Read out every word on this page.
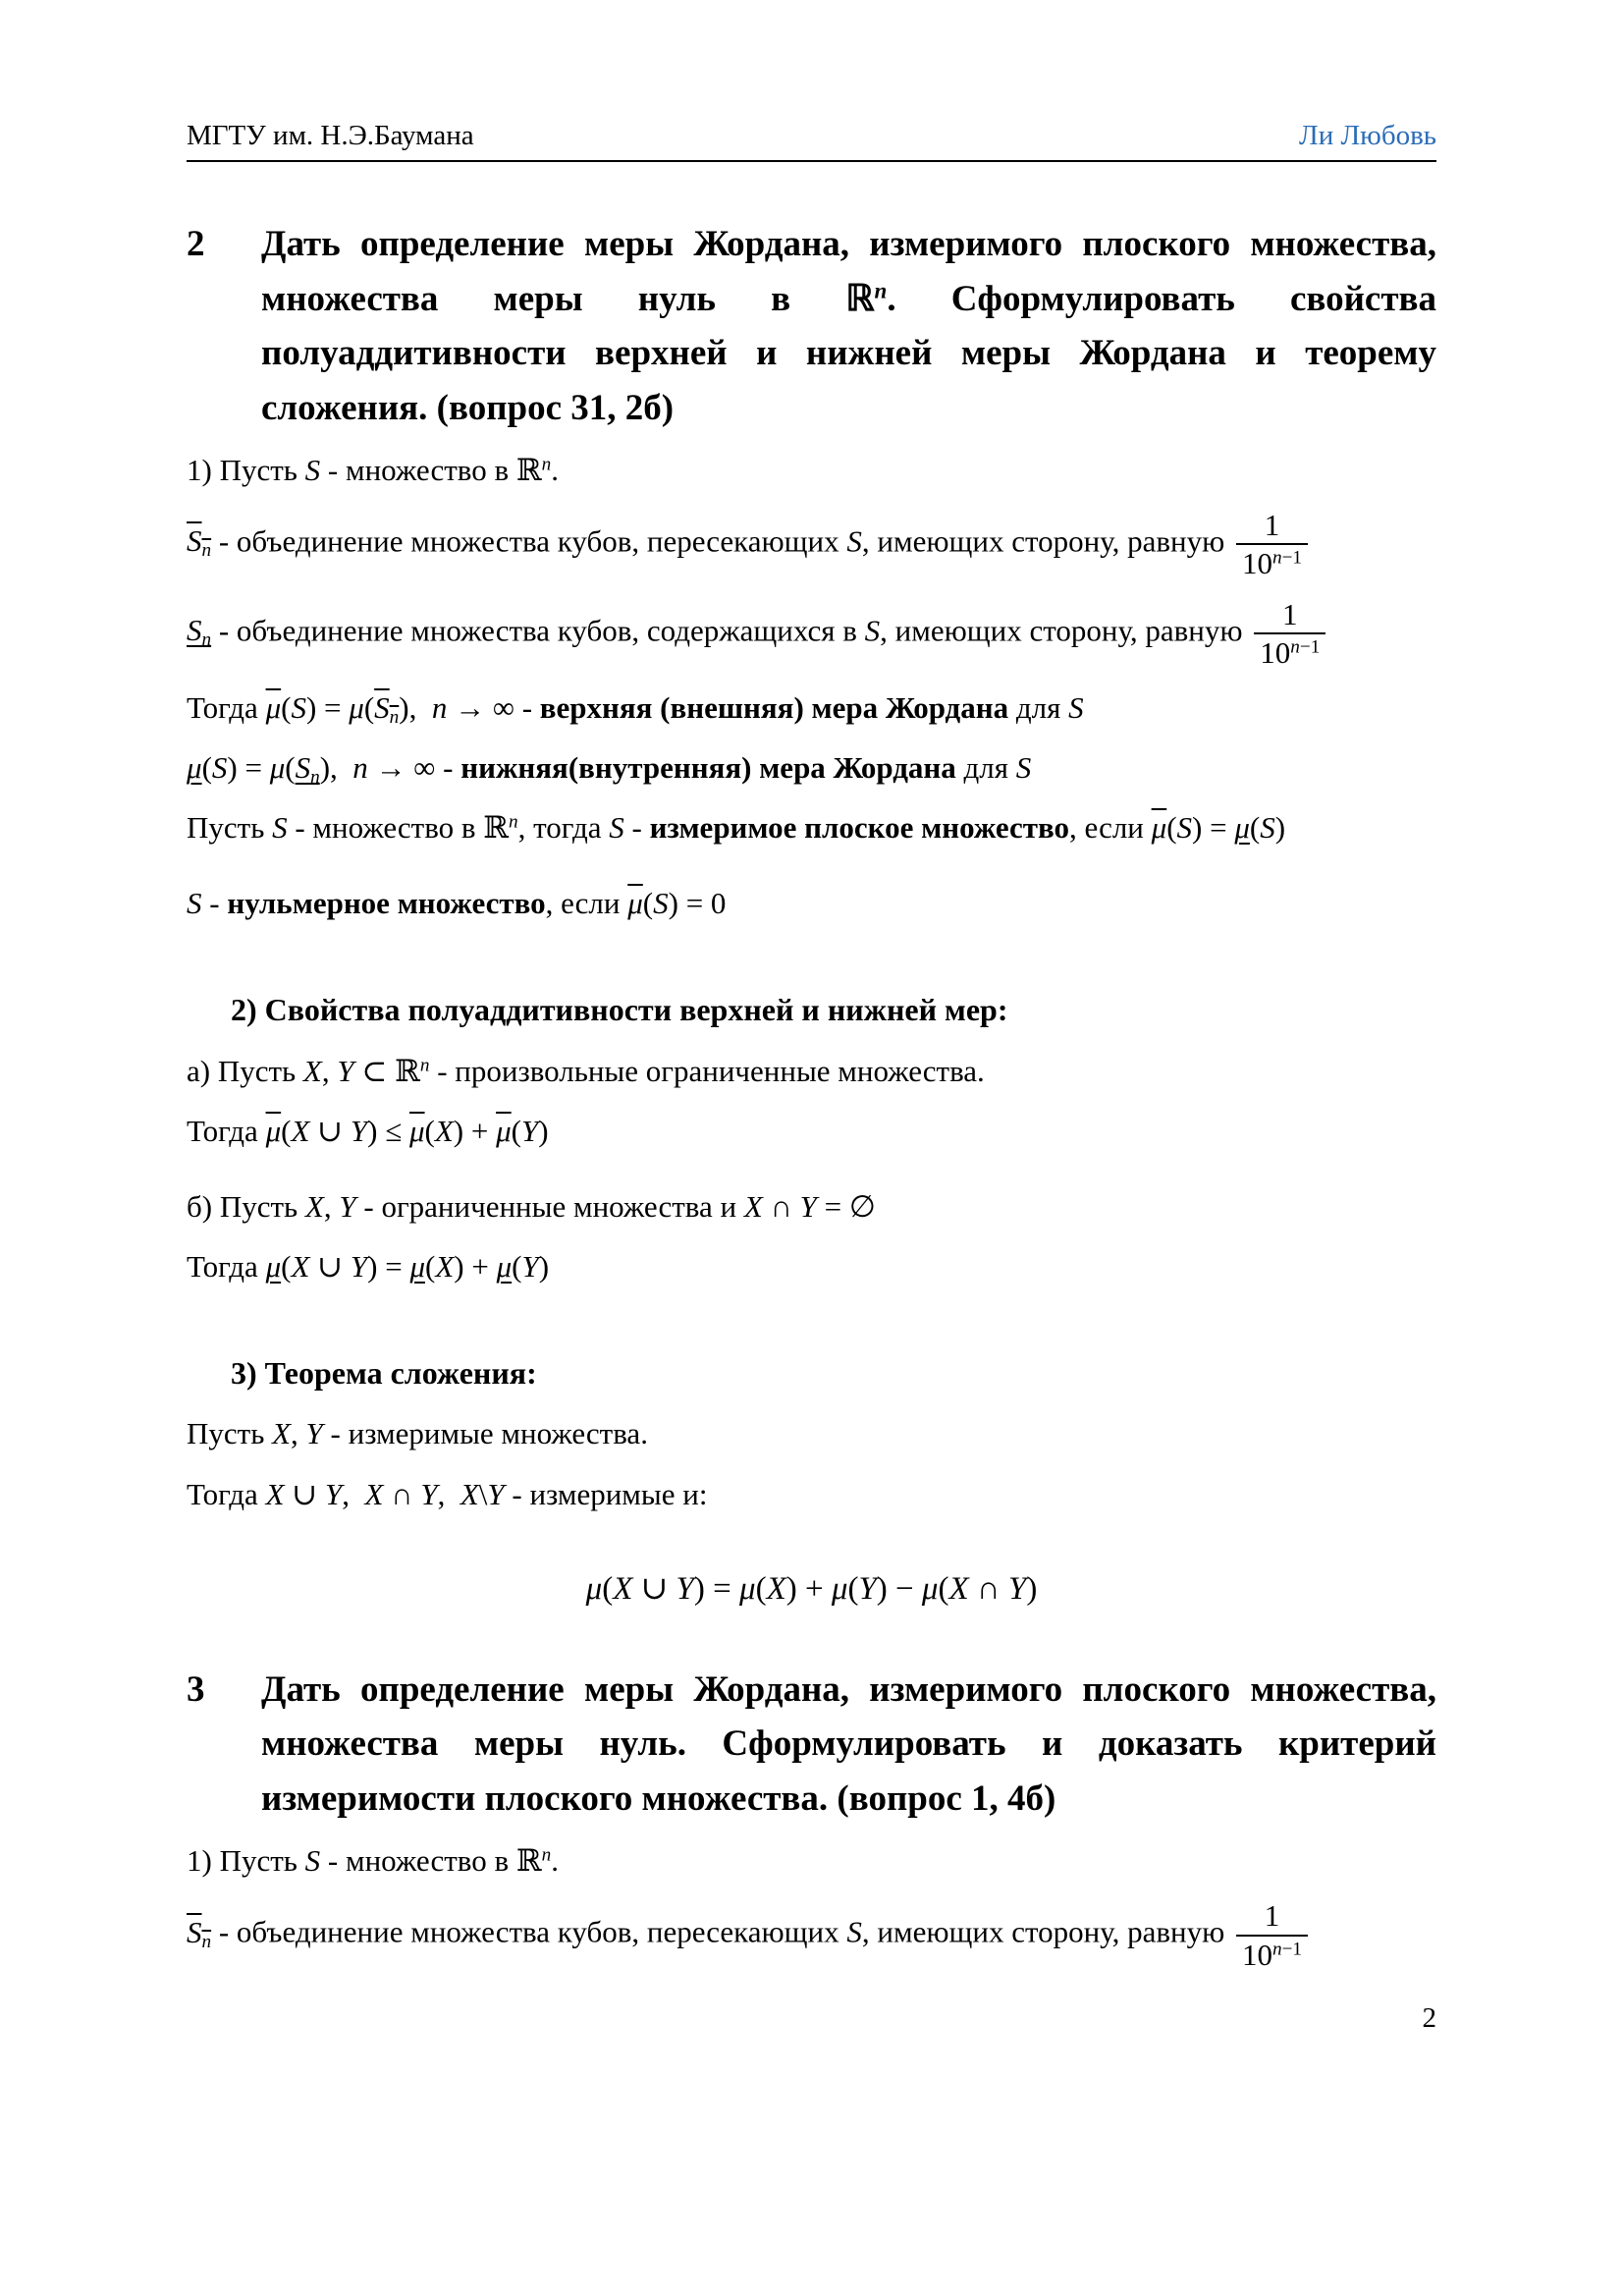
МГТУ им. Н.Э.Баумана	Ли Любовь
2	Дать определение меры Жордана, измеримого плоского множества, множества меры нуль в ℝ$^n$. Сформулировать свойства полуаддитивности верхней и нижней меры Жордана и теорему сложения. (вопрос 31, 2б)

1) Пусть S - множество в ℝ$^n$.

$S_n$ - объединение множества кубов, пересекающих S, имеющих сторону, равную $\frac{1}{10^{n-1}}$

$S_n$ - объединение множества кубов, содержащихся в S, имеющих сторону, равную $\frac{1}{10^{n-1}}$

Тогда $\overline{\mu}(S) = \mu(S_n)$, n → ∞ - верхняя (внешняя) мера Жордана для S

$\mu(S) = \mu(S_n)$, n → ∞ - нижняя(внутренняя) мера Жордана для S

Пусть S - множество в ℝ$^n$, тогда S - измеримое плоское множество, если $\overline{\mu}(S) = \mu(S)$

S - нульмерное множество, если $\overline{\mu}(S) = 0$

2) Свойства полуаддитивности верхней и нижней мер:

а) Пусть X, Y ⊂ ℝ$^n$ - произвольные ограниченные множества.

Тогда $\overline{\mu}(X$ ∪ $Y) \le \overline{\mu}(X) + \overline{\mu}(Y)$

б) Пусть X, Y - ограниченные множества и X ∩ Y = ∅

Тогда μ(X ∪ Y) = μ(X) + μ(Y)

3) Теорема сложения:

Пусть X, Y - измеримые множества.

Тогда X ∪ Y, X ∩ Y, X\Y - измеримые и:

μ(X ∪ Y) = μ(X) + μ(Y) − μ(X ∩ Y)
3	Дать определение меры Жордана, измеримого плоского множества, множества меры нуль. Сформулировать и доказать критерий измеримости плоского множества. (вопрос 1, 4б)

1) Пусть S - множество в ℝ$^n$.

$S_n$ - объединение множества кубов, пересекающих S, имеющих сторону, равную $\frac{1}{10^{n-1}}$

2
